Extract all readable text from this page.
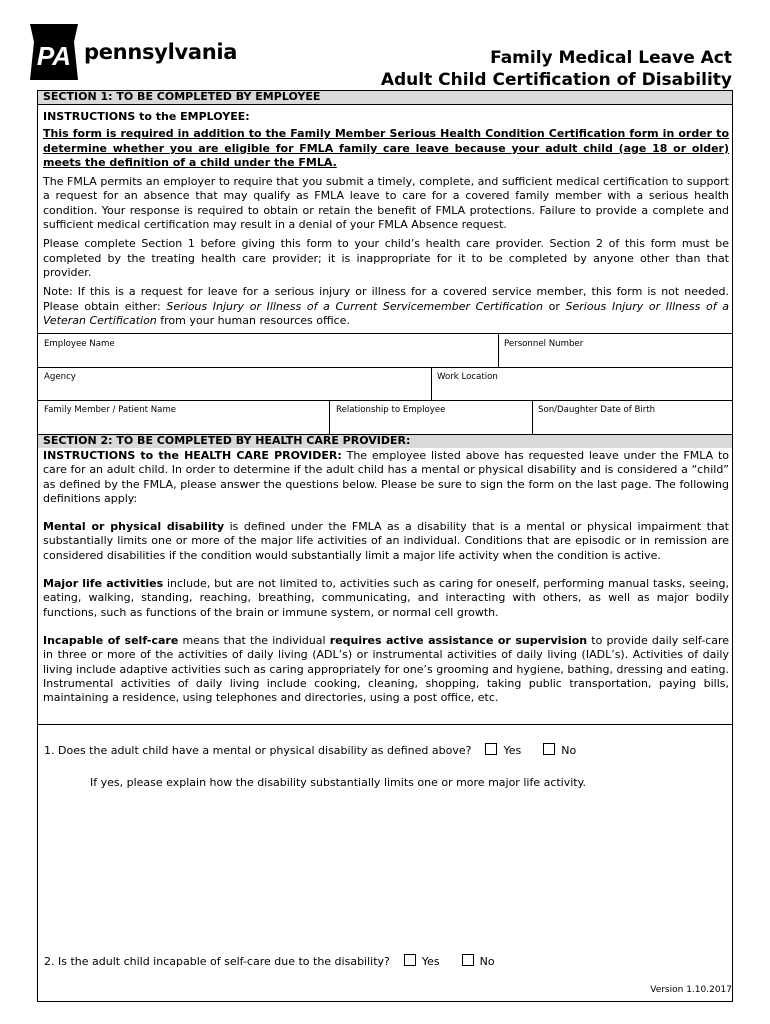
PA pennsylvania	Family Medical Leave Act
Adult Child Certification of Disability
SECTION 1: TO BE COMPLETED BY EMPLOYEE

INSTRUCTIONS to the EMPLOYEE:

This form is required in addition to the Family Member Serious Health Condition Certification form in order to determine whether you are eligible for FMLA family care leave because your adult child (age 18 or older) meets the definition of a child under the FMLA.

The FMLA permits an employer to require that you submit a timely, complete, and sufficient medical certification to support a request for an absence that may qualify as FMLA leave to care for a covered family member with a serious health condition. Your response is required to obtain or retain the benefit of FMLA protections. Failure to provide a complete and sufficient medical certification may result in a denial of your FMLA Absence request.

Please complete Section 1 before giving this form to your child’s health care provider. Section 2 of this form must be completed by the treating health care provider; it is inappropriate for it to be completed by anyone other than that provider.

Note: If this is a request for leave for a serious injury or illness for a covered service member, this form is not needed. Please obtain either: Serious Injury or Illness of a Current Servicemember Certification or Serious Injury or Illness of a Veteran Certification from your human resources office.

Employee Name	Personnel Number
Agency	Work Location
Family Member / Patient Name	Relationship to Employee	Son/Daughter Date of Birth
SECTION 2: TO BE COMPLETED BY HEALTH CARE PROVIDER:

INSTRUCTIONS to the HEALTH CARE PROVIDER: The employee listed above has requested leave under the FMLA to care for an adult child. In order to determine if the adult child has a mental or physical disability and is considered a “child” as defined by the FMLA, please answer the questions below. Please be sure to sign the form on the last page. The following definitions apply:

Mental or physical disability is defined under the FMLA as a disability that is a mental or physical impairment that substantially limits one or more of the major life activities of an individual. Conditions that are episodic or in remission are considered disabilities if the condition would substantially limit a major life activity when the condition is active.

Major life activities include, but are not limited to, activities such as caring for oneself, performing manual tasks, seeing, eating, walking, standing, reaching, breathing, communicating, and interacting with others, as well as major bodily functions, such as functions of the brain or immune system, or normal cell growth.

Incapable of self-care means that the individual requires active assistance or supervision to provide daily self-care in three or more of the activities of daily living (ADL’s) or instrumental activities of daily living (IADL’s). Activities of daily living include adaptive activities such as caring appropriately for one’s grooming and hygiene, bathing, dressing and eating. Instrumental activities of daily living include cooking, cleaning, shopping, taking public transportation, paying bills, maintaining a residence, using telephones and directories, using a post office, etc.

1. Does the adult child have a mental or physical disability as defined above?	Yes	No
If yes, please explain how the disability substantially limits one or more major life activity.
2. Is the adult child incapable of self-care due to the disability?	Yes	No
Version 1.10.2017
